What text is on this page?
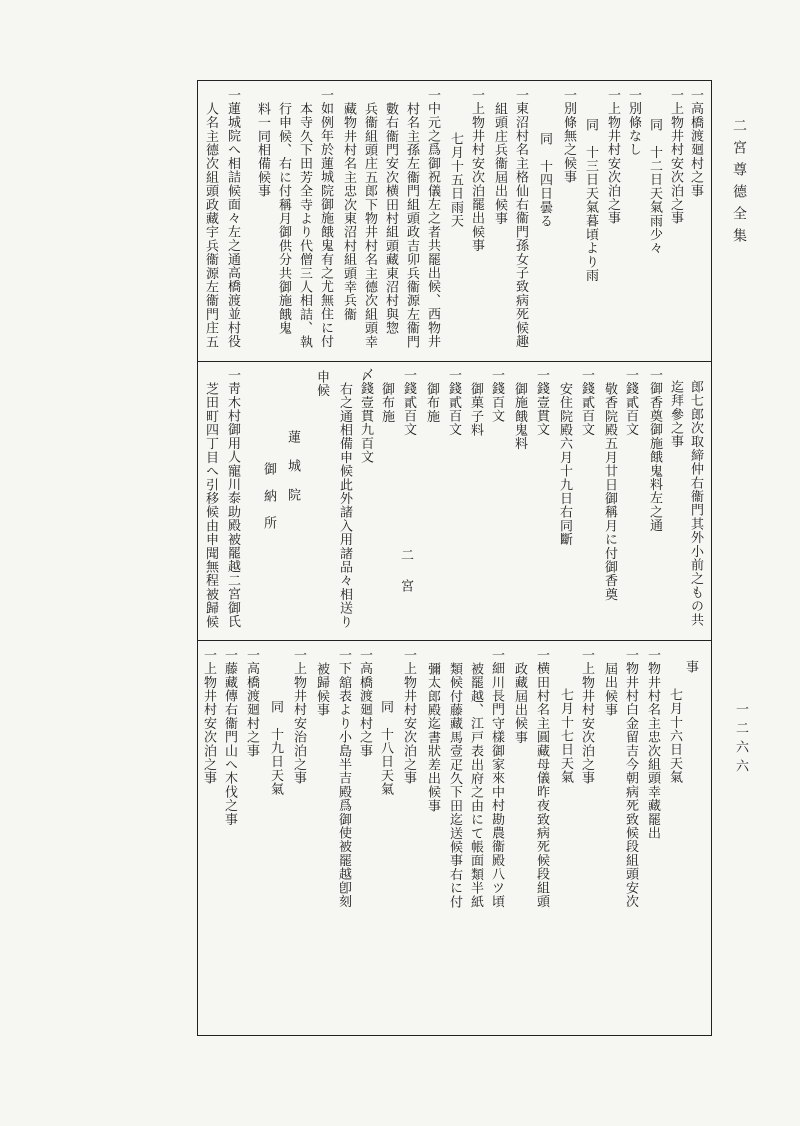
二宮尊德全集
一二六六
一高橋渡廻村之事
一上物井村安次泊之事
同　十二日天氣雨少々
一別條なし
一上物井村安次泊之事
同　十三日天氣暮頃より雨
一別條無之候事
同　十四日曇る
一東沼村名主格仙右衞門孫女子致病死候趣
組頭庄兵衞屆出候事
一上物井村安次泊罷出候事
七月十五日雨天
一中元之爲御祝儀左之者共罷出候、西物井
村名主孫左衞門組頭政吉卯兵衞源左衞門
數右衞門安次横田村組頭藏東沼村與惣
兵衞組頭庄五郎下物井村名主德次組頭幸
藏物井村名主忠次東沼村組頭幸兵衞
一如例年於蓮城院御施餓鬼有之尤無住に付
本寺久下田芳全寺より代僧三人相詰、執
行申候、右に付稱月御供分共御施餓鬼
料一同相備候事
一蓮城院へ相詰候面々左之通高橋渡並村役
人名主德次組頭政藏宇兵衞源左衞門庄五
郎七郎次取締仲右衞門其外小前之もの共
迄拜參之事
一御香奠御施餓鬼料左之通
一錢貳百文
敬香院殿五月廿日御稱月に付御香奠
一錢貳百文
安住院殿六月十九日右同斷
一錢壹貫文
御施餓鬼料
一錢百文
御菓子料
一錢貳百文
御布施
一錢貳百文
御布施
〆錢壹貫九百文
右之通相備申候此外諸入用諸品々相送り
申候
二宮
蓮城院
御納所
一靑木村御用人寵川泰助殿被罷越二宮御氏
芝田町四丁目へ引移候由申聞無程被歸候
事
七月十六日天氣
一物井村名主忠次組頭幸藏罷出
一物井村白金留吉今朝病死致候段組頭安次
屆出候事
一上物井村安次泊之事
七月十七日天氣
一横田村名主圓藏母儀昨夜致病死候段組頭
政藏屆出候事
一細川長門守樣御家來中村勘農衞殿八ツ頃
被罷越、江戸表出府之由にて帳面類半紙
類候付藤藏馬壹疋久下田迄送候事右に付
彌太郎殿迄書狀差出候事
一上物井村安次泊之事
同　十八日天氣
一高橋渡廻村之事
一下舘表より小島半吉殿爲御使被罷越卽刻
被歸候事
一上物井村安治泊之事
同　十九日天氣
一高橋渡廻村之事
一藤藏傳右衞門山へ木伐之事
一上物井村安次泊之事
